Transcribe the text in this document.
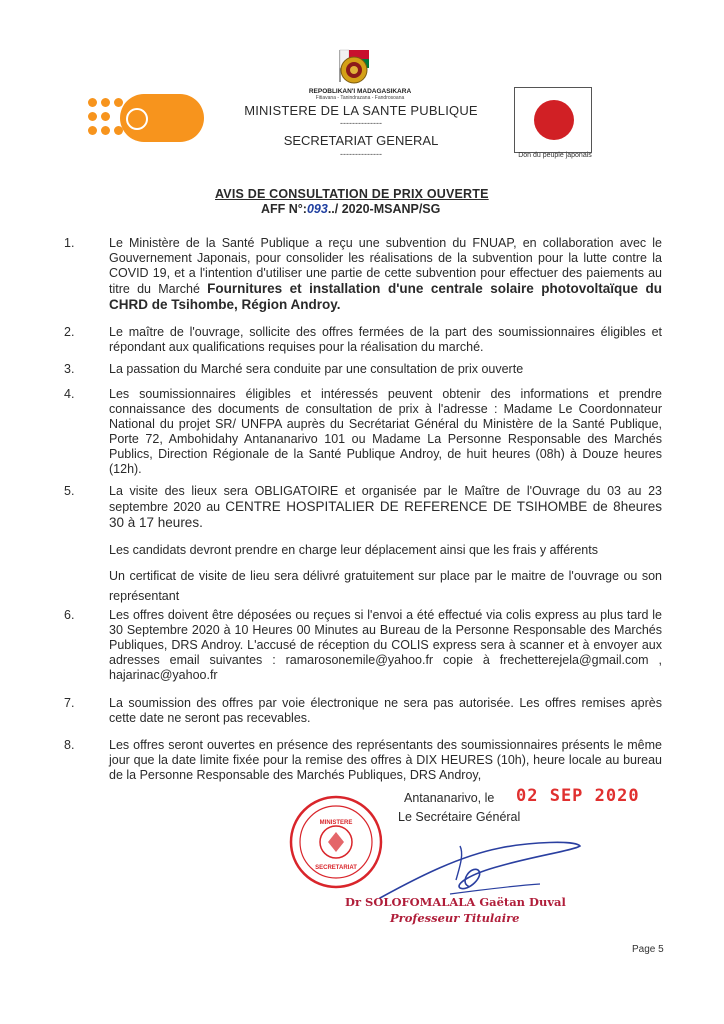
UNFPA
REPOBLIKAN'I MADAGASIKARA
Fitiavana - Tanindrazana - Fandrosoana
MINISTERE DE LA SANTE PUBLIQUE
--------------
SECRETARIAT GENERAL
--------------	Don du peuple japonais
AVIS DE CONSULTATION DE PRIX OUVERTE
AFF N°:093../ 2020-MSANP/SG
1.	Le Ministère de la Santé Publique a reçu une subvention du FNUAP, en collaboration avec le Gouvernement Japonais, pour consolider les réalisations de la subvention pour la lutte contre la COVID 19, et a l'intention d'utiliser une partie de cette subvention pour effectuer des paiements au titre du Marché Fournitures et installation d'une centrale solaire photovoltaïque du CHRD de Tsihombe, Région Androy.
2.	Le maître de l'ouvrage, sollicite des offres fermées de la part des soumissionnaires éligibles et répondant aux qualifications requises pour la réalisation du marché.
3.	La passation du Marché sera conduite par une consultation de prix ouverte
4.	Les soumissionnaires éligibles et intéressés peuvent obtenir des informations et prendre connaissance des documents de consultation de prix à l'adresse : Madame Le Coordonnateur National du projet SR/ UNFPA auprès du Secrétariat Général du Ministère de la Santé Publique, Porte 72, Ambohidahy Antananarivo 101 ou Madame La Personne Responsable des Marchés Publics, Direction Régionale de la Santé Publique Androy, de huit heures (08h) à Douze heures (12h).
5.	La visite des lieux sera OBLIGATOIRE et organisée par le Maître de l'Ouvrage du 03 au 23 septembre 2020 au CENTRE HOSPITALIER DE REFERENCE DE TSIHOMBE de 8heures 30 à 17 heures.
Les candidats devront prendre en charge leur déplacement ainsi que les frais y afférents
Un certificat de visite de lieu sera délivré gratuitement sur place par le maitre de l'ouvrage ou son représentant
6.	Les offres doivent être déposées ou reçues si l'envoi a été effectué via colis express au plus tard le 30 Septembre 2020 à 10 Heures 00 Minutes au Bureau de la Personne Responsable des Marchés Publiques, DRS Androy. L'accusé de réception du COLIS express sera à scanner et à envoyer aux adresses email suivantes : ramarosonemile@yahoo.fr copie à frechetterejela@gmail.com , hajarinac@yahoo.fr
7.	La soumission des offres par voie électronique ne sera pas autorisée. Les offres remises après cette date ne seront pas recevables.
8.	Les offres seront ouvertes en présence des représentants des soumissionnaires présents le même jour que la date limite fixée pour la remise des offres à DIX HEURES (10h), heure locale au bureau de la Personne Responsable des Marchés Publiques, DRS Androy,
Antananarivo, le 02 SEP 2020
Le Secrétaire Général
MINISTERE
SECRETARIAT
Dr SOLOFOMALALA Gaëtan Duval
Professeur Titulaire
Page 5
